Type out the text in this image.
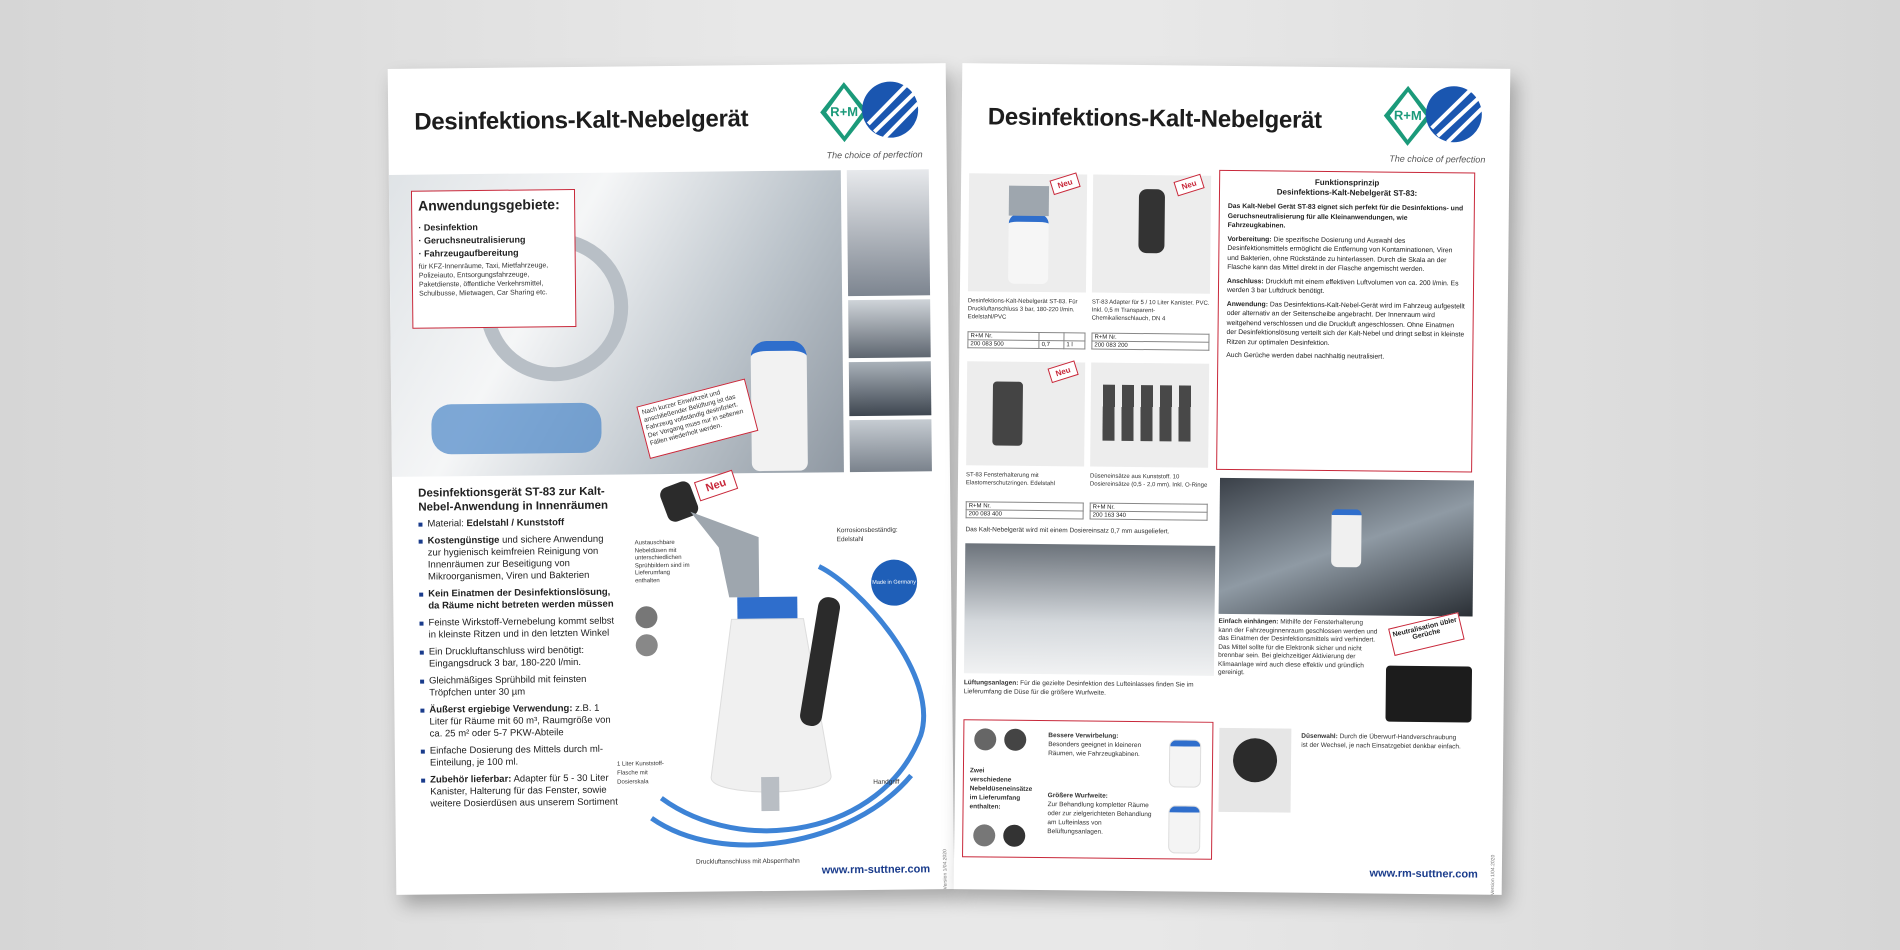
Desinfektions-Kalt-Nebelgerät	R+M
The choice of perfection
Anwendungsgebiete:
· Desinfektion
· Geruchsneutralisierung
· Fahrzeugaufbereitung
für KFZ-Innenräume, Taxi, Mietfahrzeuge, Polizeiauto, Entsorgungsfahrzeuge, Paketdienste, öffentliche Verkehrsmittel, Schulbusse, Mietwagen, Car Sharing etc.
Nach kurzer Einwirkzeit und anschließender Belüftung ist das Fahrzeug vollständig desinfiziert. Der Vorgang muss nur in seltenen Fällen wiederholt werden.
Desinfektionsgerät ST-83 zur Kalt-Nebel-Anwendung in Innenräumen
Material: Edelstahl / Kunststoff
Kostengünstige und sichere Anwendung zur hygienisch keimfreien Reinigung von Innenräumen zur Beseitigung von Mikroorganismen, Viren und Bakterien
Kein Einatmen der Desinfektionslösung, da Räume nicht betreten werden müssen
Feinste Wirkstoff-Vernebelung kommt selbst in kleinste Ritzen und in den letzten Winkel
Ein Druckluftanschluss wird benötigt: Eingangsdruck 3 bar, 180-220 l/min.
Gleichmäßiges Sprühbild mit feinsten Tröpfchen unter 30 µm
Äußerst ergiebige Verwendung: z.B. 1 Liter für Räume mit 60 m³, Raumgröße von ca. 25 m² oder 5-7 PKW-Abteile
Einfache Dosierung des Mittels durch ml-Einteilung, je 100 ml.
Zubehör lieferbar: Adapter für 5 - 30 Liter Kanister, Halterung für das Fenster, sowie weitere Dosierdüsen aus unserem Sortiment
Neu
Austauschbare Nebeldüsen mit unterschiedlichen Sprühbildern sind im Lieferumfang enthalten
Korrosionsbeständig: Edelstahl
Made in Germany
1 Liter Kunststoff-Flasche mit Dosierskala	Handgriff
Druckluftanschluss mit Absperrhahn	Version 1/04.2020
www.rm-suttner.com
Desinfektions-Kalt-Nebelgerät	R+M
The choice of perfection
Neu
Desinfektions-Kalt-Nebelgerät ST-83. Für Druckluftanschluss 3 bar, 180-220 l/min. Edelstahl/PVC
R+M Nr.		
200 083 500	0,7	1 l
Neu
ST-83 Adapter für 5 / 10 Liter Kanister. PVC. Inkl. 0,5 m Transparent-Chemikalienschlauch, DN 4
R+M Nr.
200 083 200
Neu
ST-83 Fensterhalterung mit Elastomerschutzringen. Edelstahl
R+M Nr.
200 083 400
Düseneinsätze aus Kunststoff. 10 Dosiereinsätze (0,5 - 2,0 mm). Inkl. O-Ringe
R+M Nr.
200 163 340
Das Kalt-Nebelgerät wird mit einem Dosiereinsatz 0,7 mm ausgeliefert.
Funktionsprinzip
Desinfektions-Kalt-Nebelgerät ST-83:
Das Kalt-Nebel Gerät ST-83 eignet sich perfekt für die Desinfektions- und Geruchsneutralisierung für alle Kleinanwendungen, wie Fahrzeugkabinen.
Vorbereitung: Die spezifische Dosierung und Auswahl des Desinfektionsmittels ermöglicht die Entfernung von Kontaminationen, Viren und Bakterien, ohne Rückstände zu hinterlassen. Durch die Skala an der Flasche kann das Mittel direkt in der Flasche angemischt werden.
Anschluss: Druckluft mit einem effektiven Luftvolumen von ca. 200 l/min. Es werden 3 bar Luftdruck benötigt.
Anwendung: Das Desinfektions-Kalt-Nebel-Gerät wird im Fahrzeug aufgestellt oder alternativ an der Seitenscheibe angebracht. Der Innenraum wird weitgehend verschlossen und die Druckluft angeschlossen. Ohne Einatmen der Desinfektionslösung verteilt sich der Kalt-Nebel und dringt selbst in kleinste Ritzen zur optimalen Desinfektion.
Auch Gerüche werden dabei nachhaltig neutralisiert.
Lüftungsanlagen: Für die gezielte Desinfektion des Lufteinlasses finden Sie im Lieferumfang die Düse für die größere Wurfweite.
Einfach einhängen: Mithilfe der Fensterhalterung kann der Fahrzeuginnenraum geschlossen werden und das Einatmen der Desinfektionsmittels wird verhindert. Das Mittel sollte für die Elektronik sicher und nicht brennbar sein. Bei gleichzeitiger Aktivierung der Klimaanlage wird auch diese effektiv und gründlich gereinigt.
Neutralisation übler Gerüche
Zwei verschiedene Nebeldüseneinsätze im Lieferumfang enthalten:
Bessere Verwirbelung:
Besonders geeignet in kleineren Räumen, wie Fahrzeugkabinen.
Größere Wurfweite:
Zur Behandlung kompletter Räume oder zur zielgerichteten Behandlung am Lufteinlass von Belüftungsanlagen.
Düsenwahl: Durch die Überwurf-Handverschraubung ist der Wechsel, je nach Einsatzgebiet denkbar einfach.
Version 1/04.2020
www.rm-suttner.com
